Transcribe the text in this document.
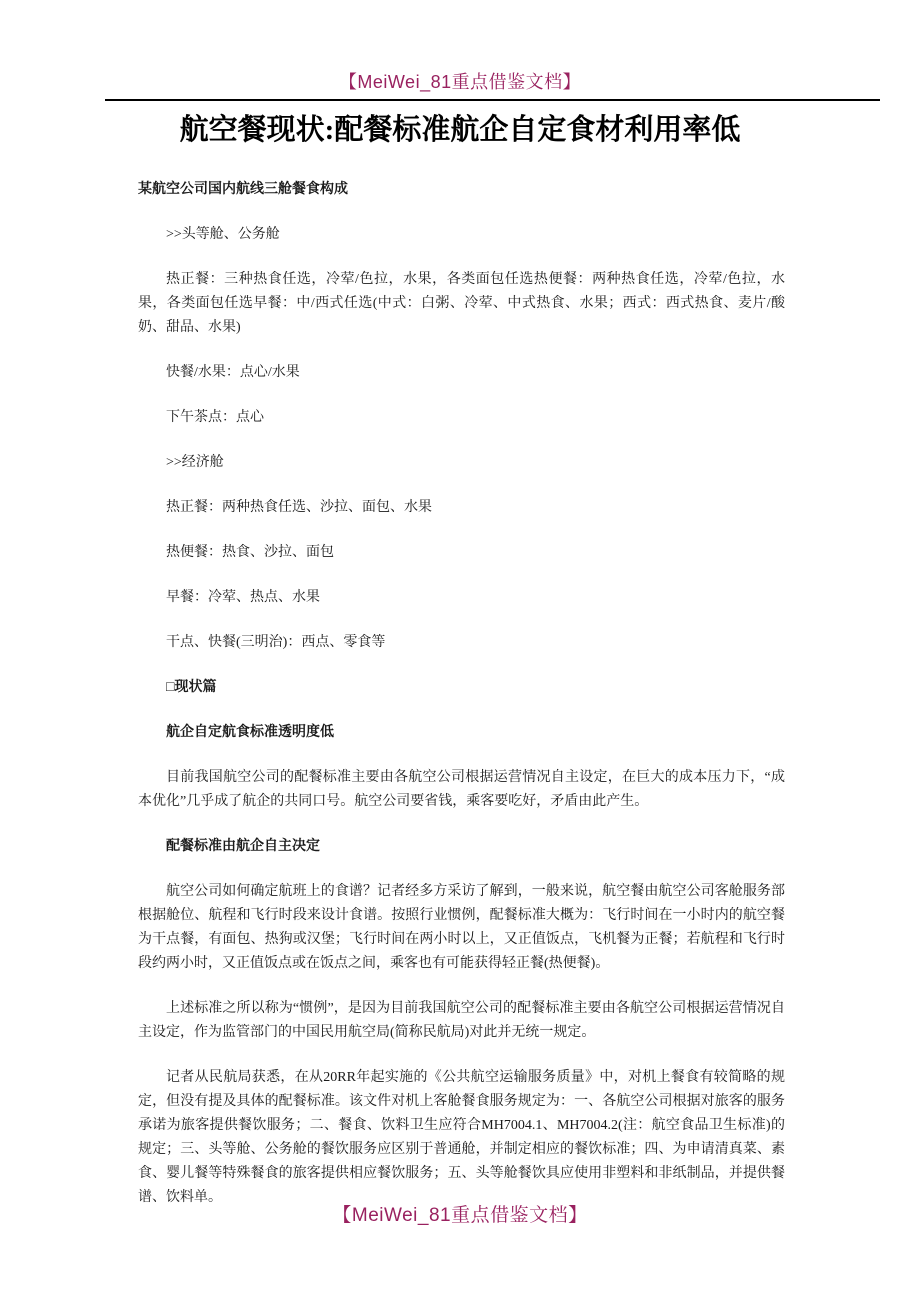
【MeiWei_81重点借鉴文档】
航空餐现状:配餐标准航企自定食材利用率低

某航空公司国内航线三舱餐食构成

>>头等舱、公务舱

热正餐：三种热食任选，冷荤/色拉，水果，各类面包任选热便餐：两种热食任选，冷荤/色拉，水果，各类面包任选早餐：中/西式任选(中式：白粥、冷荤、中式热食、水果；西式：西式热食、麦片/酸奶、甜品、水果)

快餐/水果：点心/水果

下午茶点：点心

>>经济舱

热正餐：两种热食任选、沙拉、面包、水果

热便餐：热食、沙拉、面包

早餐：冷荤、热点、水果

干点、快餐(三明治)：西点、零食等

□现状篇

航企自定航食标准透明度低

目前我国航空公司的配餐标准主要由各航空公司根据运营情况自主设定，在巨大的成本压力下，“成本优化”几乎成了航企的共同口号。航空公司要省钱，乘客要吃好，矛盾由此产生。

配餐标准由航企自主决定

航空公司如何确定航班上的食谱？记者经多方采访了解到，一般来说，航空餐由航空公司客舱服务部根据舱位、航程和飞行时段来设计食谱。按照行业惯例，配餐标准大概为：飞行时间在一小时内的航空餐为干点餐，有面包、热狗或汉堡；飞行时间在两小时以上，又正值饭点，飞机餐为正餐；若航程和飞行时段约两小时，又正值饭点或在饭点之间，乘客也有可能获得轻正餐(热便餐)。

上述标准之所以称为“惯例”，是因为目前我国航空公司的配餐标准主要由各航空公司根据运营情况自主设定，作为监管部门的中国民用航空局(简称民航局)对此并无统一规定。

记者从民航局获悉，在从20RR年起实施的《公共航空运输服务质量》中，对机上餐食有较简略的规定，但没有提及具体的配餐标准。该文件对机上客舱餐食服务规定为：一、各航空公司根据对旅客的服务承诺为旅客提供餐饮服务；二、餐食、饮料卫生应符合MH7004.1、MH7004.2(注：航空食品卫生标准)的规定；三、头等舱、公务舱的餐饮服务应区别于普通舱，并制定相应的餐饮标准；四、为申请清真菜、素食、婴儿餐等特殊餐食的旅客提供相应餐饮服务；五、头等舱餐饮具应使用非塑料和非纸制品，并提供餐谱、饮料单。

【MeiWei_81重点借鉴文档】
